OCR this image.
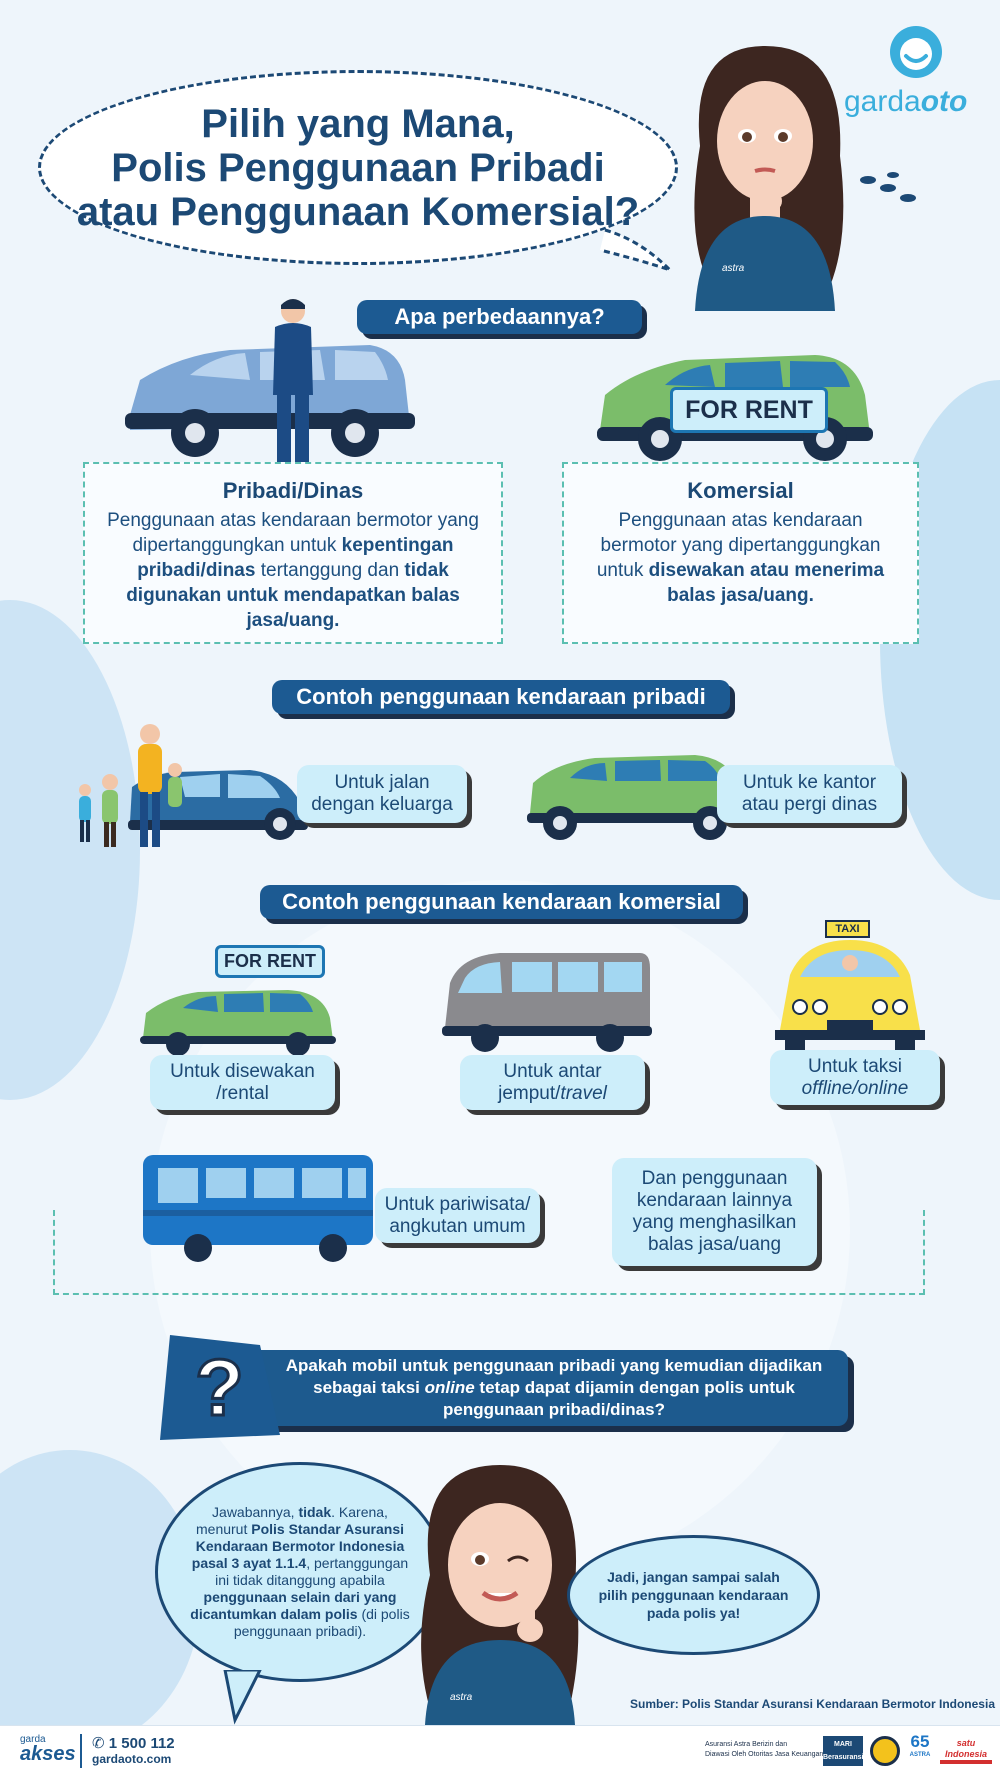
gardaoto
Pilih yang Mana,
Polis Penggunaan Pribadi
atau Penggunaan Komersial?
astra
Apa perbedaannya?
FOR RENT
Pribadi/Dinas

Penggunaan atas kendaraan bermotor yang dipertanggungkan untuk kepentingan pribadi/dinas tertanggung dan tidak digunakan untuk mendapatkan balas jasa/uang.

Komersial

Penggunaan atas kendaraan bermotor yang dipertanggungkan untuk disewakan atau menerima balas jasa/uang.

Contoh penggunaan kendaraan pribadi
Untuk jalan
dengan keluarga
Untuk ke kantor
atau pergi dinas
Contoh penggunaan kendaraan komersial
FOR RENT
Untuk disewakan
/rental
Untuk antar
jemput/travel
TAXI
Untuk taksi
offline/online
Untuk pariwisata/
angkutan umum
Dan penggunaan
kendaraan lainnya
yang menghasilkan
balas jasa/uang
Apakah mobil untuk penggunaan pribadi yang kemudian dijadikan sebagai taksi online tetap dapat dijamin dengan polis untuk penggunaan pribadi/dinas?
?

Jawabannya, tidak. Karena, menurut Polis Standar Asuransi Kendaraan Bermotor Indonesia pasal 3 ayat 1.1.4, pertanggungan ini tidak ditanggung apabila penggunaan selain dari yang dicantumkan dalam polis (di polis penggunaan pribadi).

astra
Jadi, jangan sampai salah pilih penggunaan kendaraan pada polis ya!
Sumber: Polis Standar Asuransi Kendaraan Bermotor Indonesia
garda
akses ✆ 1 500 112
gardaoto.com
Asuransi Astra Berizin dan
Diawasi Oleh Otoritas Jasa Keuangan
MARI Berasuransi
65
ASTRA
satu Indonesia
